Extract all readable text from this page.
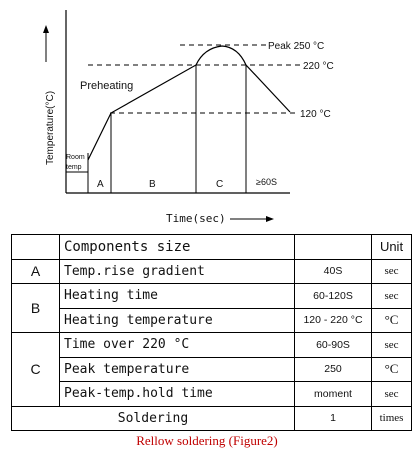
Temperature(°C)
Peak 250 °C
220 °C
120 °C
Preheating
Room
temp
A	B	C	≥60S
Time(sec)
	Components size		Unit
A	Temp.rise gradient	40S	sec
B	Heating time	60-120S	sec
	Heating temperature	120 - 220 °C	°C
C	Time over 220 °C	60-90S	sec
	Peak temperature	250	°C
	Peak-temp.hold time	moment	sec
Soldering		1	times
Rellow soldering (Figure2)
